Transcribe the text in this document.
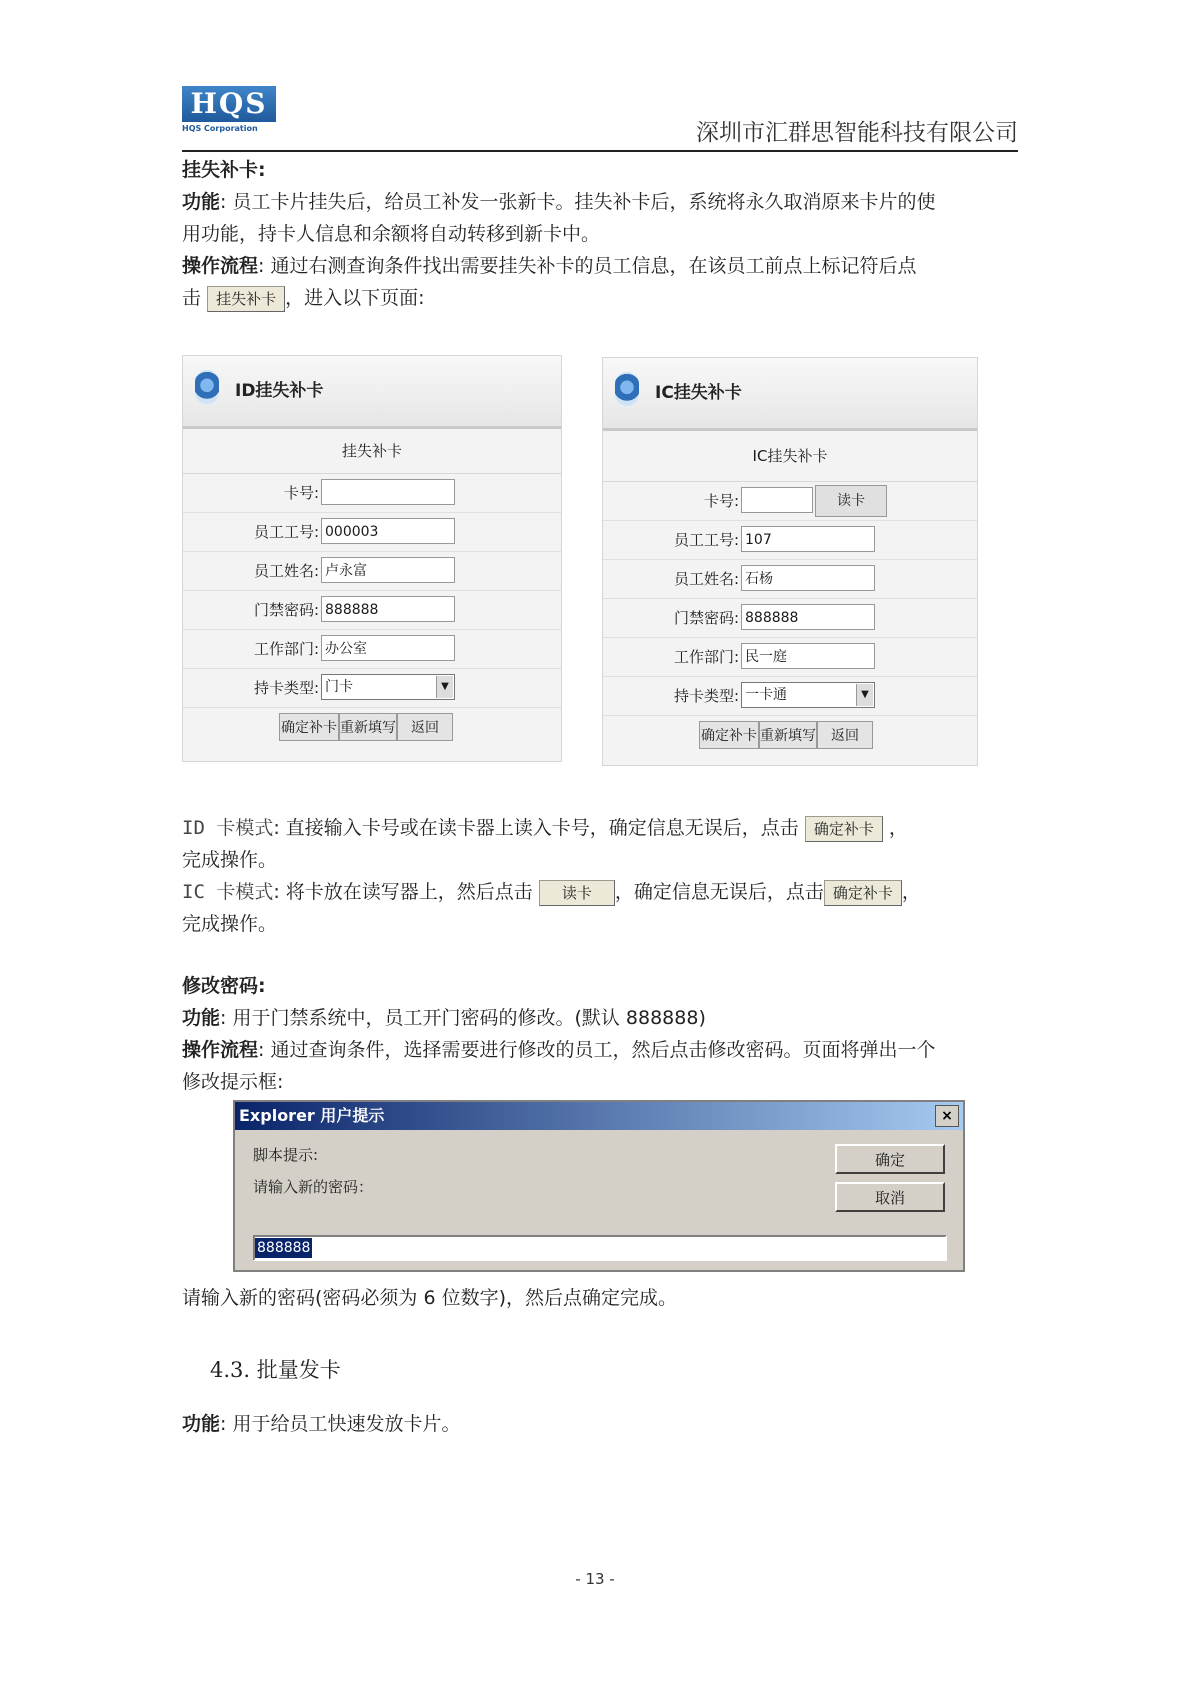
HQS
HQS Corporation	深圳市汇群思智能科技有限公司
挂失补卡:
功能: 员工卡片挂失后，给员工补发一张新卡。挂失补卡后，系统将永久取消原来卡片的使
用功能，持卡人信息和余额将自动转移到新卡中。
操作流程: 通过右测查询条件找出需要挂失补卡的员工信息，在该员工前点上标记符后点
击 挂失补卡 ，进入以下页面:
ID挂失补卡
挂失补卡
卡号:
员工工号: 000003
员工姓名: 卢永富
门禁密码: 888888
工作部门: 办公室
持卡类型: 门卡	▼
确定补卡 重新填写	返回
IC挂失补卡
IC挂失补卡
卡号:	读卡
员工工号: 107
员工姓名: 石杨
门禁密码: 888888
工作部门: 民一庭
持卡类型: 一卡通	▼
确定补卡 重新填写	返回
ID 卡模式: 直接输入卡号或在读卡器上读入卡号，确定信息无误后，点击 确定补卡 ，
完成操作。
IC 卡模式: 将卡放在读写器上，然后点击 读卡 ，确定信息无误后，点击 确定补卡 ，
完成操作。
修改密码:
功能: 用于门禁系统中，员工开门密码的修改。(默认 888888)
操作流程: 通过查询条件，选择需要进行修改的员工，然后点击修改密码。页面将弹出一个
修改提示框:
Explorer 用户提示	×
脚本提示:
请输入新的密码：
确定
取消
888888
请输入新的密码(密码必须为 6 位数字)，然后点确定完成。
4.3. 批量发卡
功能: 用于给员工快速发放卡片。
- 13 -
